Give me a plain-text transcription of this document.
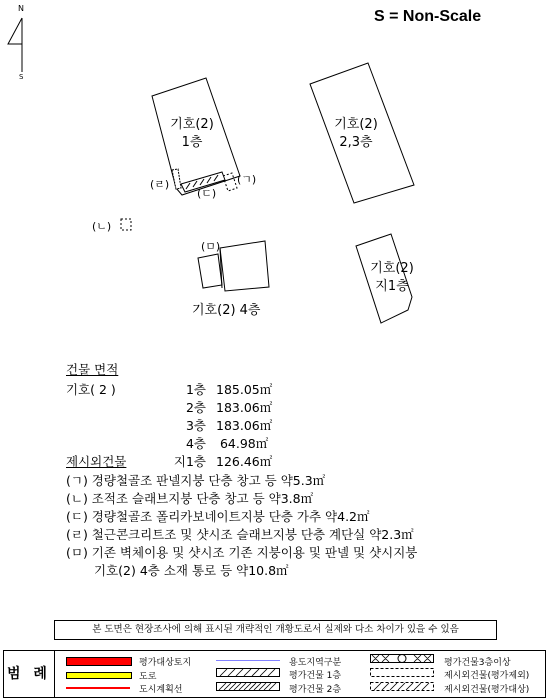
N
S
S = Non-Scale
기호(2)
1층
기호(2)
2,3층
기호(2)
지1층
기호(2) 4층
(ㄱ)
(ㄴ)
(ㄷ)
(ㄹ)
(ㅁ)
건물 면적
기호( 2 )	1층 185.05㎡
2층 183.06㎡
3층 183.06㎡
4층 64.98㎡
지1층 126.46㎡
제시외건물
(ㄱ) 경량철골조 판넬지붕 단층 창고 등 약5.3㎡
(ㄴ) 조적조 슬래브지붕 단층 창고 등 약3.8㎡
(ㄷ) 경량철골조 폴리카보네이트지붕 단층 가추 약4.2㎡
(ㄹ) 철근콘크리트조 및 샷시조 슬래브지붕 단층 계단실 약2.3㎡
(ㅁ) 기존 벽체이용 및 샷시조 기존 지붕이용 및 판넬 및 샷시지붕
기호(2) 4층 소재 통로 등 약10.8㎡
본 도면은 현장조사에 의해 표시된 개략적인 개황도로서 실제와 다소 차이가 있을 수 있음
범 례
평가대상토지
도로
도시계획선
용도지역구분
평가건물 1층
평가건물 2층
평가건물3층이상
제시외건물(평가제외)
제시외건물(평가대상)
